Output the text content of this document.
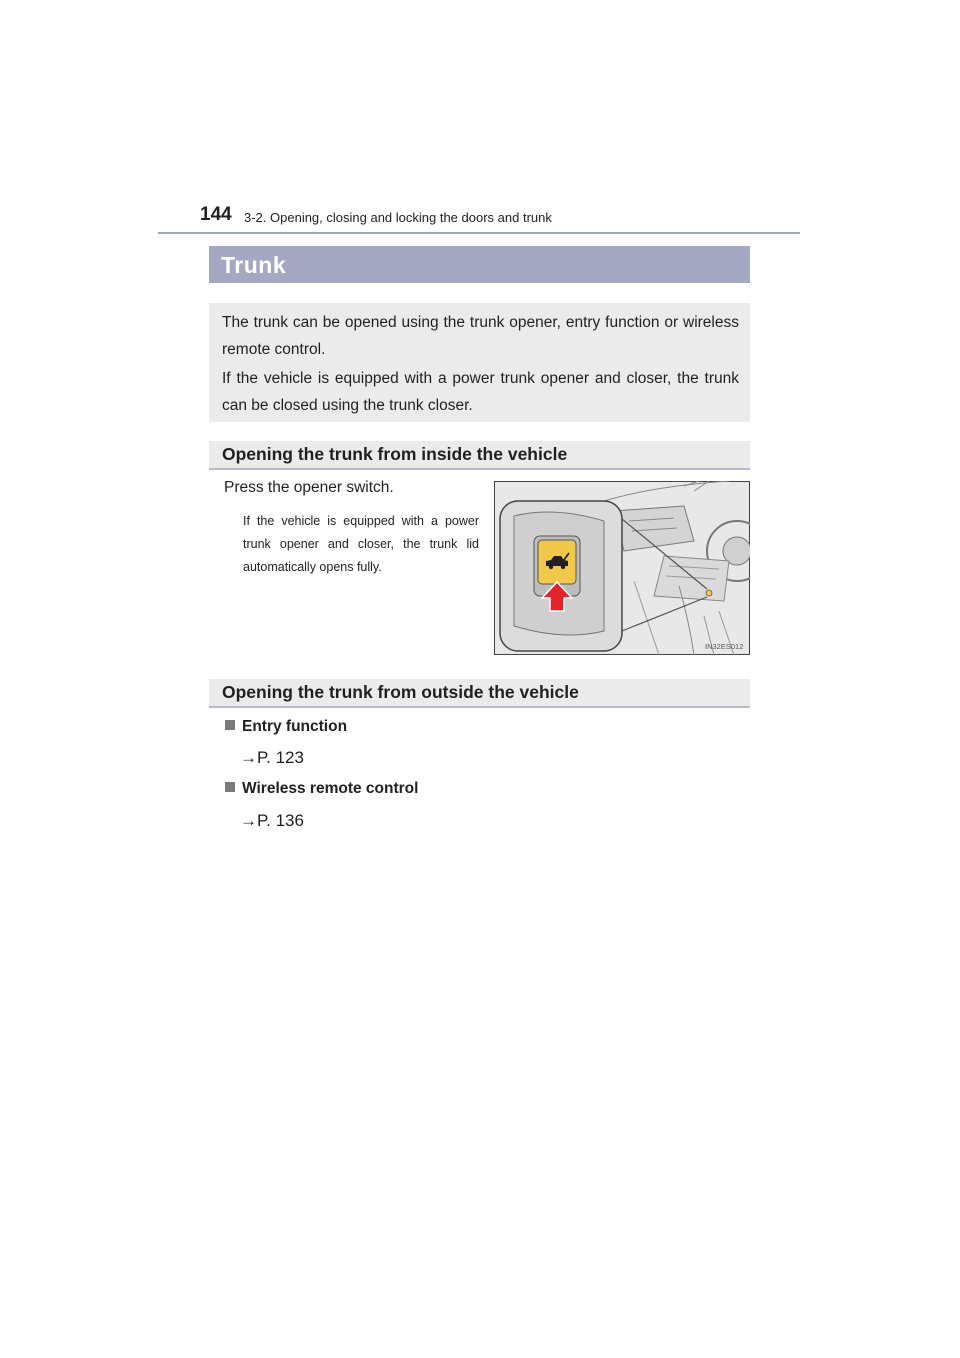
144 3-2. Opening, closing and locking the doors and trunk
Trunk

The trunk can be opened using the trunk opener, entry function or wireless remote control.

If the vehicle is equipped with a power trunk opener and closer, the trunk can be closed using the trunk closer.

Opening the trunk from inside the vehicle
Press the opener switch.

If the vehicle is equipped with a power trunk opener and closer, the trunk lid automatically opens fully.

IN32ES012
Opening the trunk from outside the vehicle
Entry function
→P. 123
Wireless remote control
→P. 136
